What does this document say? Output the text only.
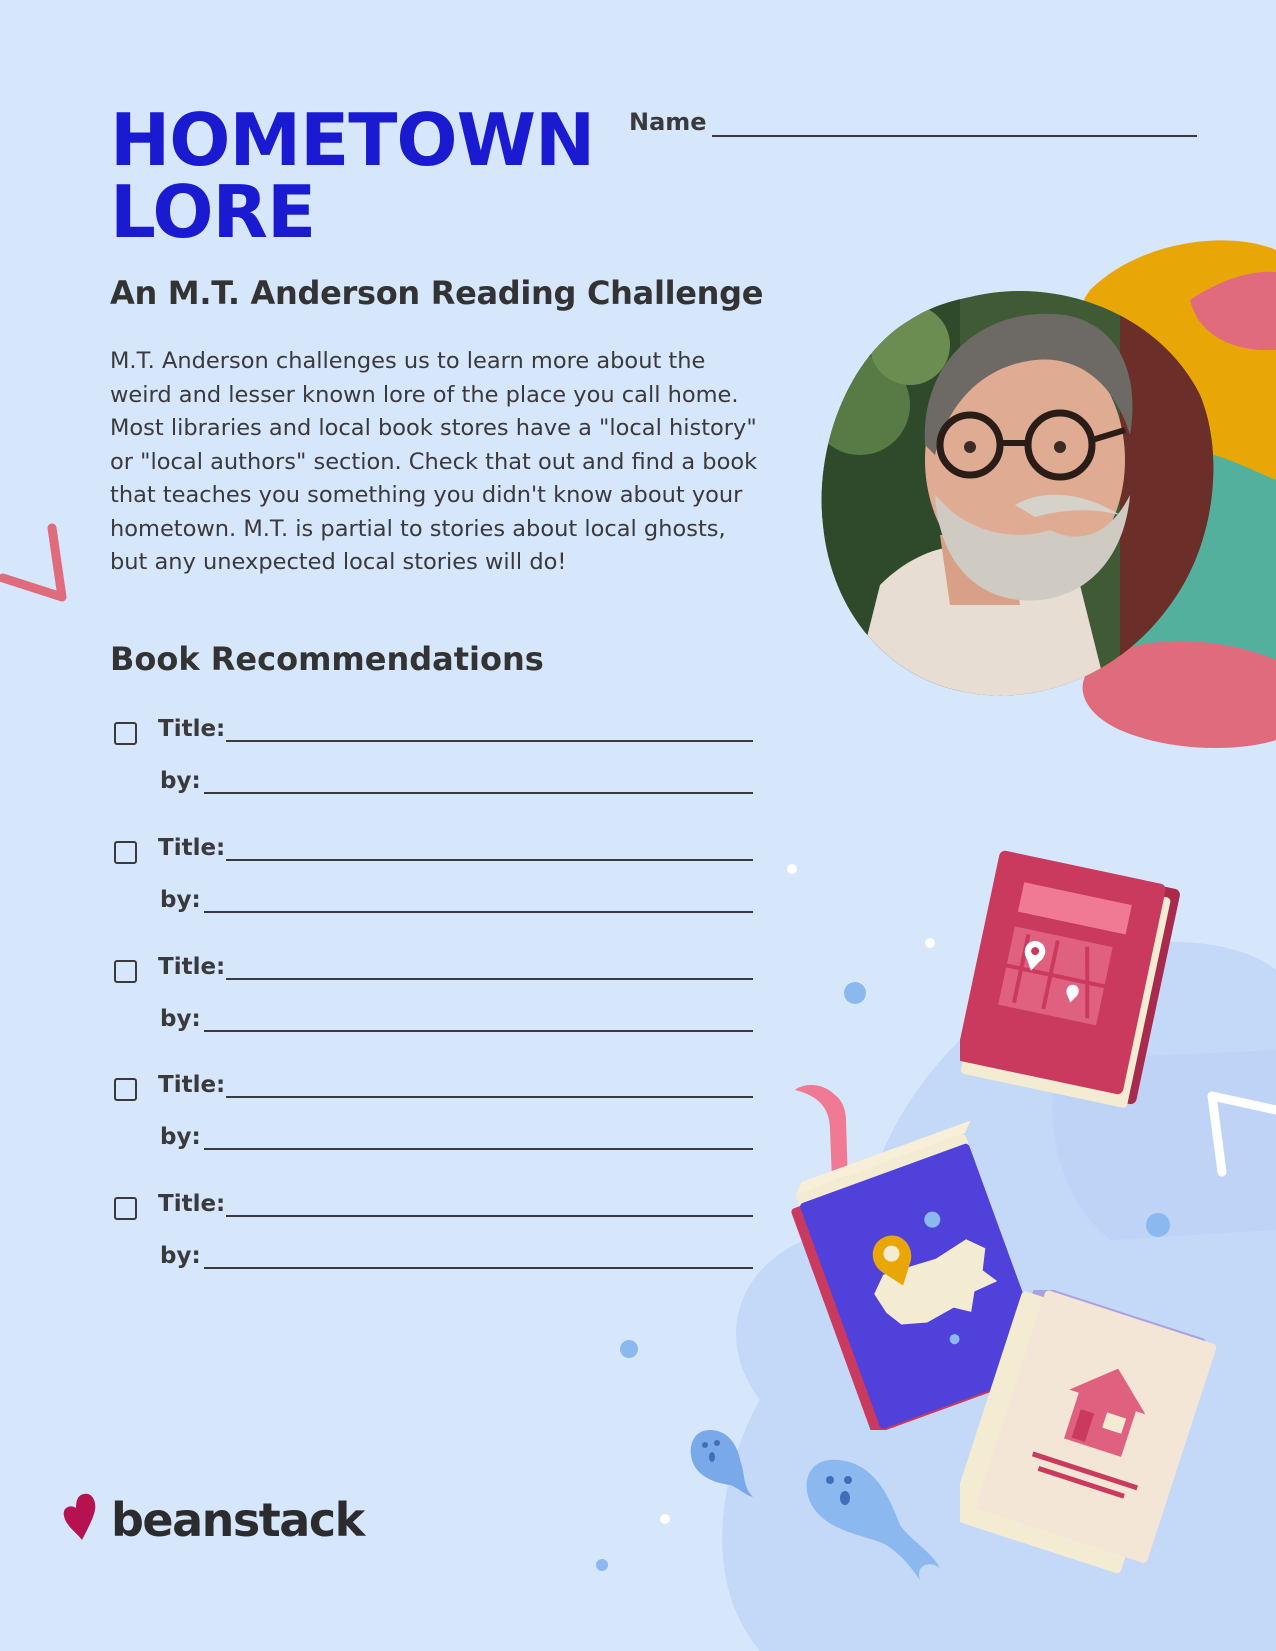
HOMETOWN
LORE
Name
An M.T. Anderson Reading Challenge
M.T. Anderson challenges us to learn more about the
weird and lesser known lore of the place you call home.
Most libraries and local book stores have a "local history"
or "local authors" section. Check that out and find a book
that teaches you something you didn't know about your
hometown. M.T. is partial to stories about local ghosts,
but any unexpected local stories will do!
Book Recommendations
Title:
by:
Title:
by:
Title:
by:
Title:
by:
Title:
by:
beanstack
